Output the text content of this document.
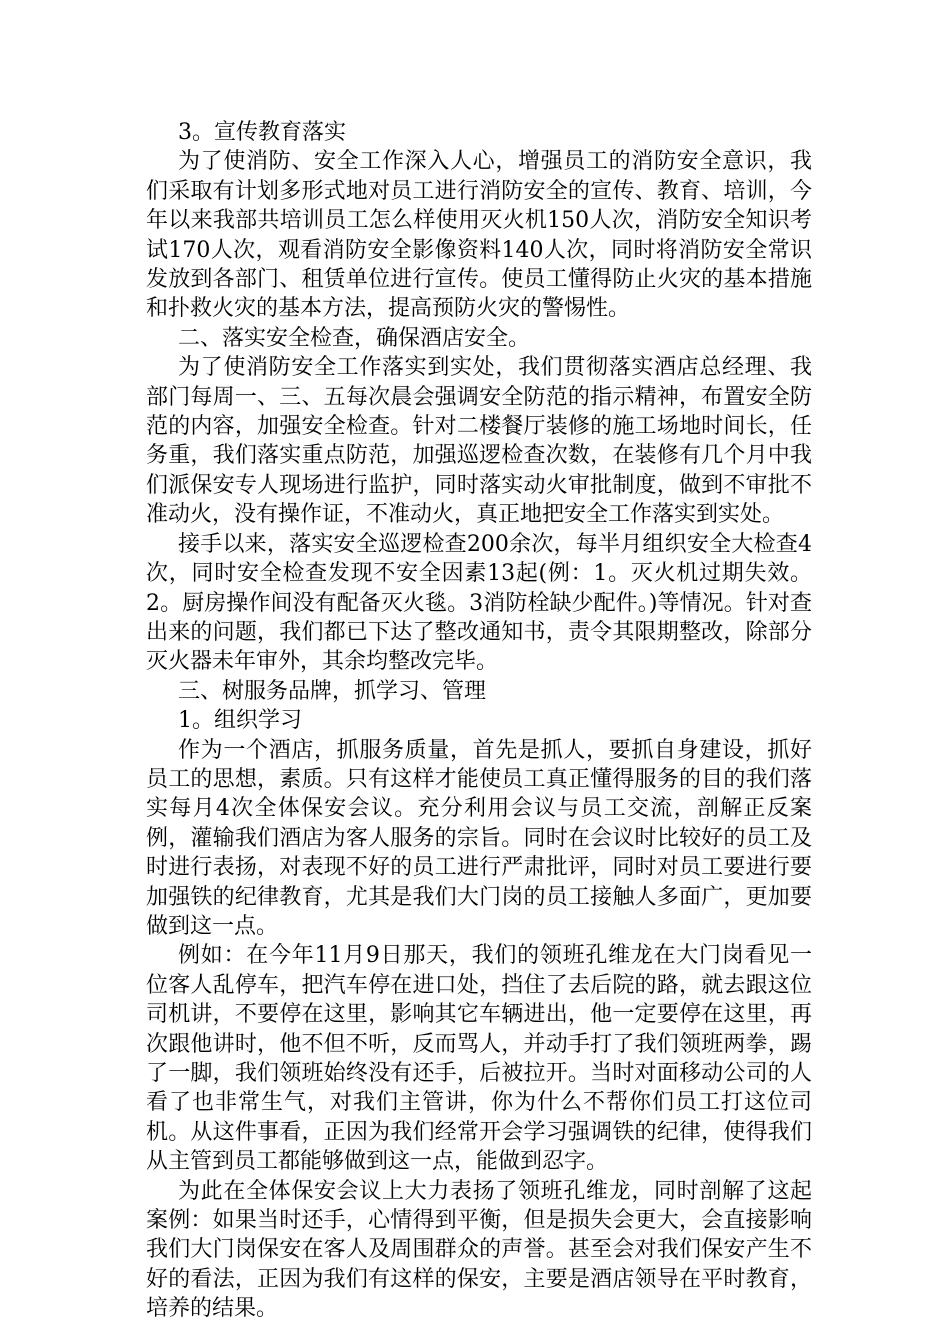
3。宣传教育落实

为了使消防、安全工作深入人心，增强员工的消防安全意识，我们采取有计划多形式地对员工进行消防安全的宣传、教育、培训，今年以来我部共培训员工怎么样使用灭火机150人次，消防安全知识考试170人次，观看消防安全影像资料140人次，同时将消防安全常识发放到各部门、租赁单位进行宣传。使员工懂得防止火灾的基本措施和扑救火灾的基本方法，提高预防火灾的警惕性。

二、落实安全检查，确保酒店安全。

为了使消防安全工作落实到实处，我们贯彻落实酒店总经理、我部门每周一、三、五每次晨会强调安全防范的指示精神，布置安全防范的内容，加强安全检查。针对二楼餐厅装修的施工场地时间长，任务重，我们落实重点防范，加强巡逻检查次数，在装修有几个月中我们派保安专人现场进行监护，同时落实动火审批制度，做到不审批不准动火，没有操作证，不准动火，真正地把安全工作落实到实处。

接手以来，落实安全巡逻检查200余次，每半月组织安全大检查4次，同时安全检查发现不安全因素13起(例：1。灭火机过期失效。2。厨房操作间没有配备灭火毯。3消防栓缺少配件。)等情况。针对查出来的问题，我们都已下达了整改通知书，责令其限期整改，除部分灭火器未年审外，其余均整改完毕。

三、树服务品牌，抓学习、管理

1。组织学习

作为一个酒店，抓服务质量，首先是抓人，要抓自身建设，抓好员工的思想，素质。只有这样才能使员工真正懂得服务的目的我们落实每月4次全体保安会议。充分利用会议与员工交流，剖解正反案例，灌输我们酒店为客人服务的宗旨。同时在会议时比较好的员工及时进行表扬，对表现不好的员工进行严肃批评，同时对员工要进行要加强铁的纪律教育，尤其是我们大门岗的员工接触人多面广，更加要做到这一点。

例如：在今年11月9日那天，我们的领班孔维龙在大门岗看见一位客人乱停车，把汽车停在进口处，挡住了去后院的路，就去跟这位司机讲，不要停在这里，影响其它车辆进出，他一定要停在这里，再次跟他讲时，他不但不听，反而骂人，并动手打了我们领班两拳，踢了一脚，我们领班始终没有还手，后被拉开。当时对面移动公司的人看了也非常生气，对我们主管讲，你为什么不帮你们员工打这位司机。从这件事看，正因为我们经常开会学习强调铁的纪律，使得我们从主管到员工都能够做到这一点，能做到忍字。

为此在全体保安会议上大力表扬了领班孔维龙，同时剖解了这起案例：如果当时还手，心情得到平衡，但是损失会更大，会直接影响我们大门岗保安在客人及周围群众的声誉。甚至会对我们保安产生不好的看法，正因为我们有这样的保安，主要是酒店领导在平时教育，培养的结果。
